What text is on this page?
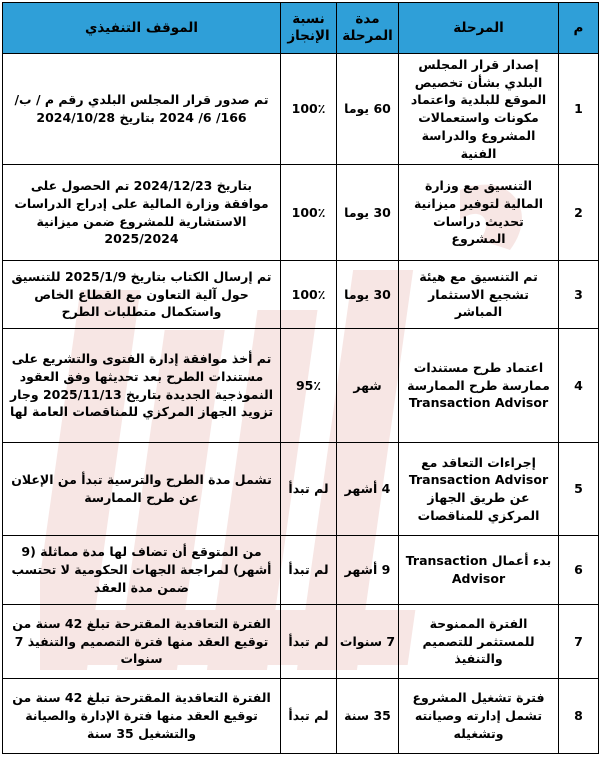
م	المرحلة	مدة المرحلة	نسبة الإنجاز	الموقف التنفيذي
1	إصدار قرار المجلس البلدي بشأن تخصيص الموقع للبلدية واعتماد مكونات واستعمالات المشروع والدراسة الفنية	60 يوما	100٪	تم صدور قرار المجلس البلدي رقم م / ب/ 166/ 6/ 2024 بتاريخ 2024/10/28
2	التنسيق مع وزارة المالية لتوفير ميزانية تحديث دراسات المشروع	30 يوما	100٪	بتاريخ 2024/12/23 تم الحصول على موافقة وزارة المالية على إدراج الدراسات الاستشارية للمشروع ضمن ميزانية 2025/2024
3	تم التنسيق مع هيئة تشجيع الاستثمار المباشر	30 يوما	100٪	تم إرسال الكتاب بتاريخ 2025/1/9 للتنسيق حول آلية التعاون مع القطاع الخاص واستكمال متطلبات الطرح
4	اعتماد طرح مستندات ممارسة طرح الممارسة Transaction Advisor	شهر	95٪	تم أخذ موافقة إدارة الفتوى والتشريع على مستندات الطرح بعد تحديثها وفق العقود النموذجية الجديدة بتاريخ 2025/11/13 وجار تزويد الجهاز المركزي للمناقصات العامة لها
5	إجراءات التعاقد مع Transaction Advisor عن طريق الجهاز المركزي للمناقصات	4 أشهر	لم تبدأ	تشمل مدة الطرح والترسية تبدأ من الإعلان عن طرح الممارسة
6	بدء أعمال Transaction Advisor	9 أشهر	لم تبدأ	من المتوقع أن تضاف لها مدة مماثلة (9 أشهر) لمراجعة الجهات الحكومية لا تحتسب ضمن مدة العقد
7	الفترة الممنوحة للمستثمر للتصميم والتنفيذ	7 سنوات	لم تبدأ	الفترة التعاقدية المقترحة تبلغ 42 سنة من توقيع العقد منها فترة التصميم والتنفيذ 7 سنوات
8	فترة تشغيل المشروع تشمل إدارته وصيانته وتشغيله	35 سنة	لم تبدأ	الفترة التعاقدية المقترحة تبلغ 42 سنة من توقيع العقد منها فترة الإدارة والصيانة والتشغيل 35 سنة
